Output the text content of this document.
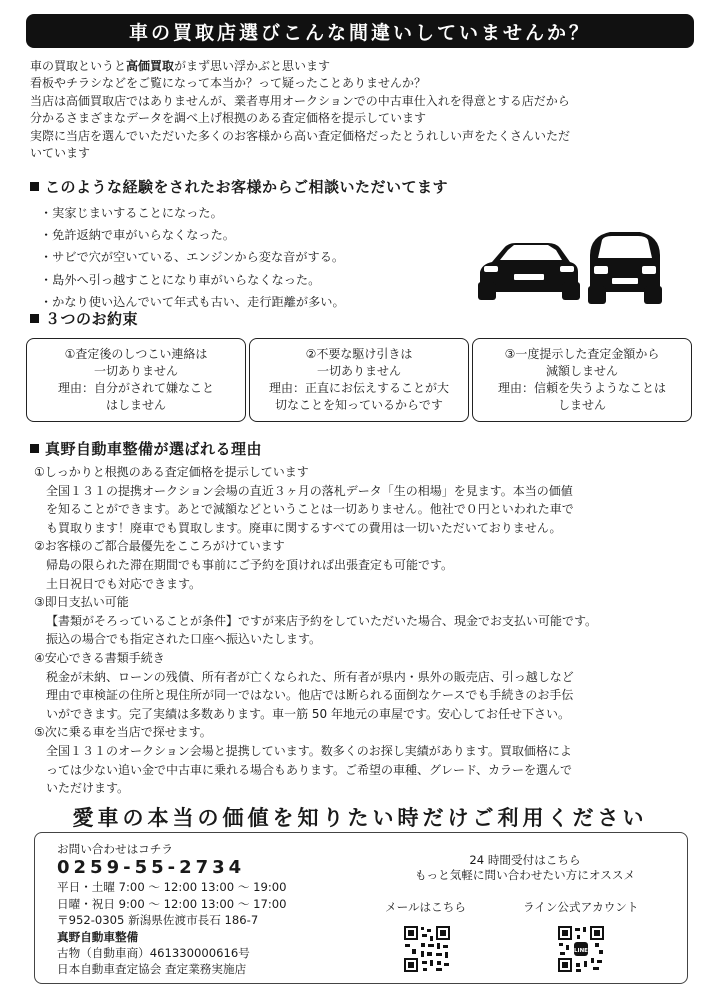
車の買取店選びこんな間違いしていませんか？

車の買取というと高価買取がまず思い浮かぶと思います

看板やチラシなどをご覧になって本当か？って疑ったことありませんか？

当店は高価買取店ではありませんが、業者専用オークションでの中古車仕入れを得意とする店だから

分かるさまざまなデータを調べ上げ根拠のある査定価格を提示しています

実際に当店を選んでいただいた多くのお客様から高い査定価格だったとうれしい声をたくさんいただ

いています

このような経験をされたお客様からご相談いただいてます
・実家じまいすることになった。
・免許返納で車がいらなくなった。
・サビで穴が空いている、エンジンから変な音がする。
・島外へ引っ越すことになり車がいらなくなった。
・かなり使い込んでいて年式も古い、走行距離が多い。
３つのお約束
①査定後のしつこい連絡は
一切ありません
理由：自分がされて嫌なこと
はしません
②不要な駆け引きは
一切ありません
理由：正直にお伝えすることが大
切なことを知っているからです
③一度提示した査定金額から
減額しません
理由：信頼を失うようなことは
しません
真野自動車整備が選ばれる理由
①しっかりと根拠のある査定価格を提示しています
全国１３１の提携オークション会場の直近３ヶ月の落札データ「生の相場」を見ます。本当の価値
を知ることができます。あとで減額などということは一切ありません。他社で０円といわれた車で
も買取ります！廃車でも買取します。廃車に関するすべての費用は一切いただいておりません。
②お客様のご都合最優先をこころがけています
帰島の限られた滞在期間でも事前にご予約を頂ければ出張査定も可能です。
土日祝日でも対応できます。
③即日支払い可能
【書類がそろっていることが条件】ですが来店予約をしていただいた場合、現金でお支払い可能です。
振込の場合でも指定された口座へ振込いたします。
④安心できる書類手続き
税金が未納、ローンの残債、所有者が亡くなられた、所有者が県内・県外の販売店、引っ越しなど
理由で車検証の住所と現住所が同一ではない。他店では断られる面倒なケースでも手続きのお手伝
いができます。完了実績は多数あります。車一筋 50 年地元の車屋です。安心してお任せ下さい。
⑤次に乗る車を当店で探せます。
全国１３１のオークション会場と提携しています。数多くのお探し実績があります。買取価格によ
っては少ない追い金で中古車に乗れる場合もあります。ご希望の車種、グレード、カラーを選んで
いただけます。
愛車の本当の価値を知りたい時だけご利用ください
お問い合わせはコチラ
0259-55-2734
平日・土曜 7:00 ～ 12:00 13:00 ～ 19:00
日曜・祝日 9:00 ～ 12:00 13:00 ～ 17:00
〒952-0305 新潟県佐渡市長石 186-7
真野自動車整備
古物（自動車商）461330000616号
日本自動車査定協会 査定業務実施店
24 時間受付はこちら
もっと気軽に問い合わせたい方にオススメ
メールはこちら	ライン公式アカウント
LINE
